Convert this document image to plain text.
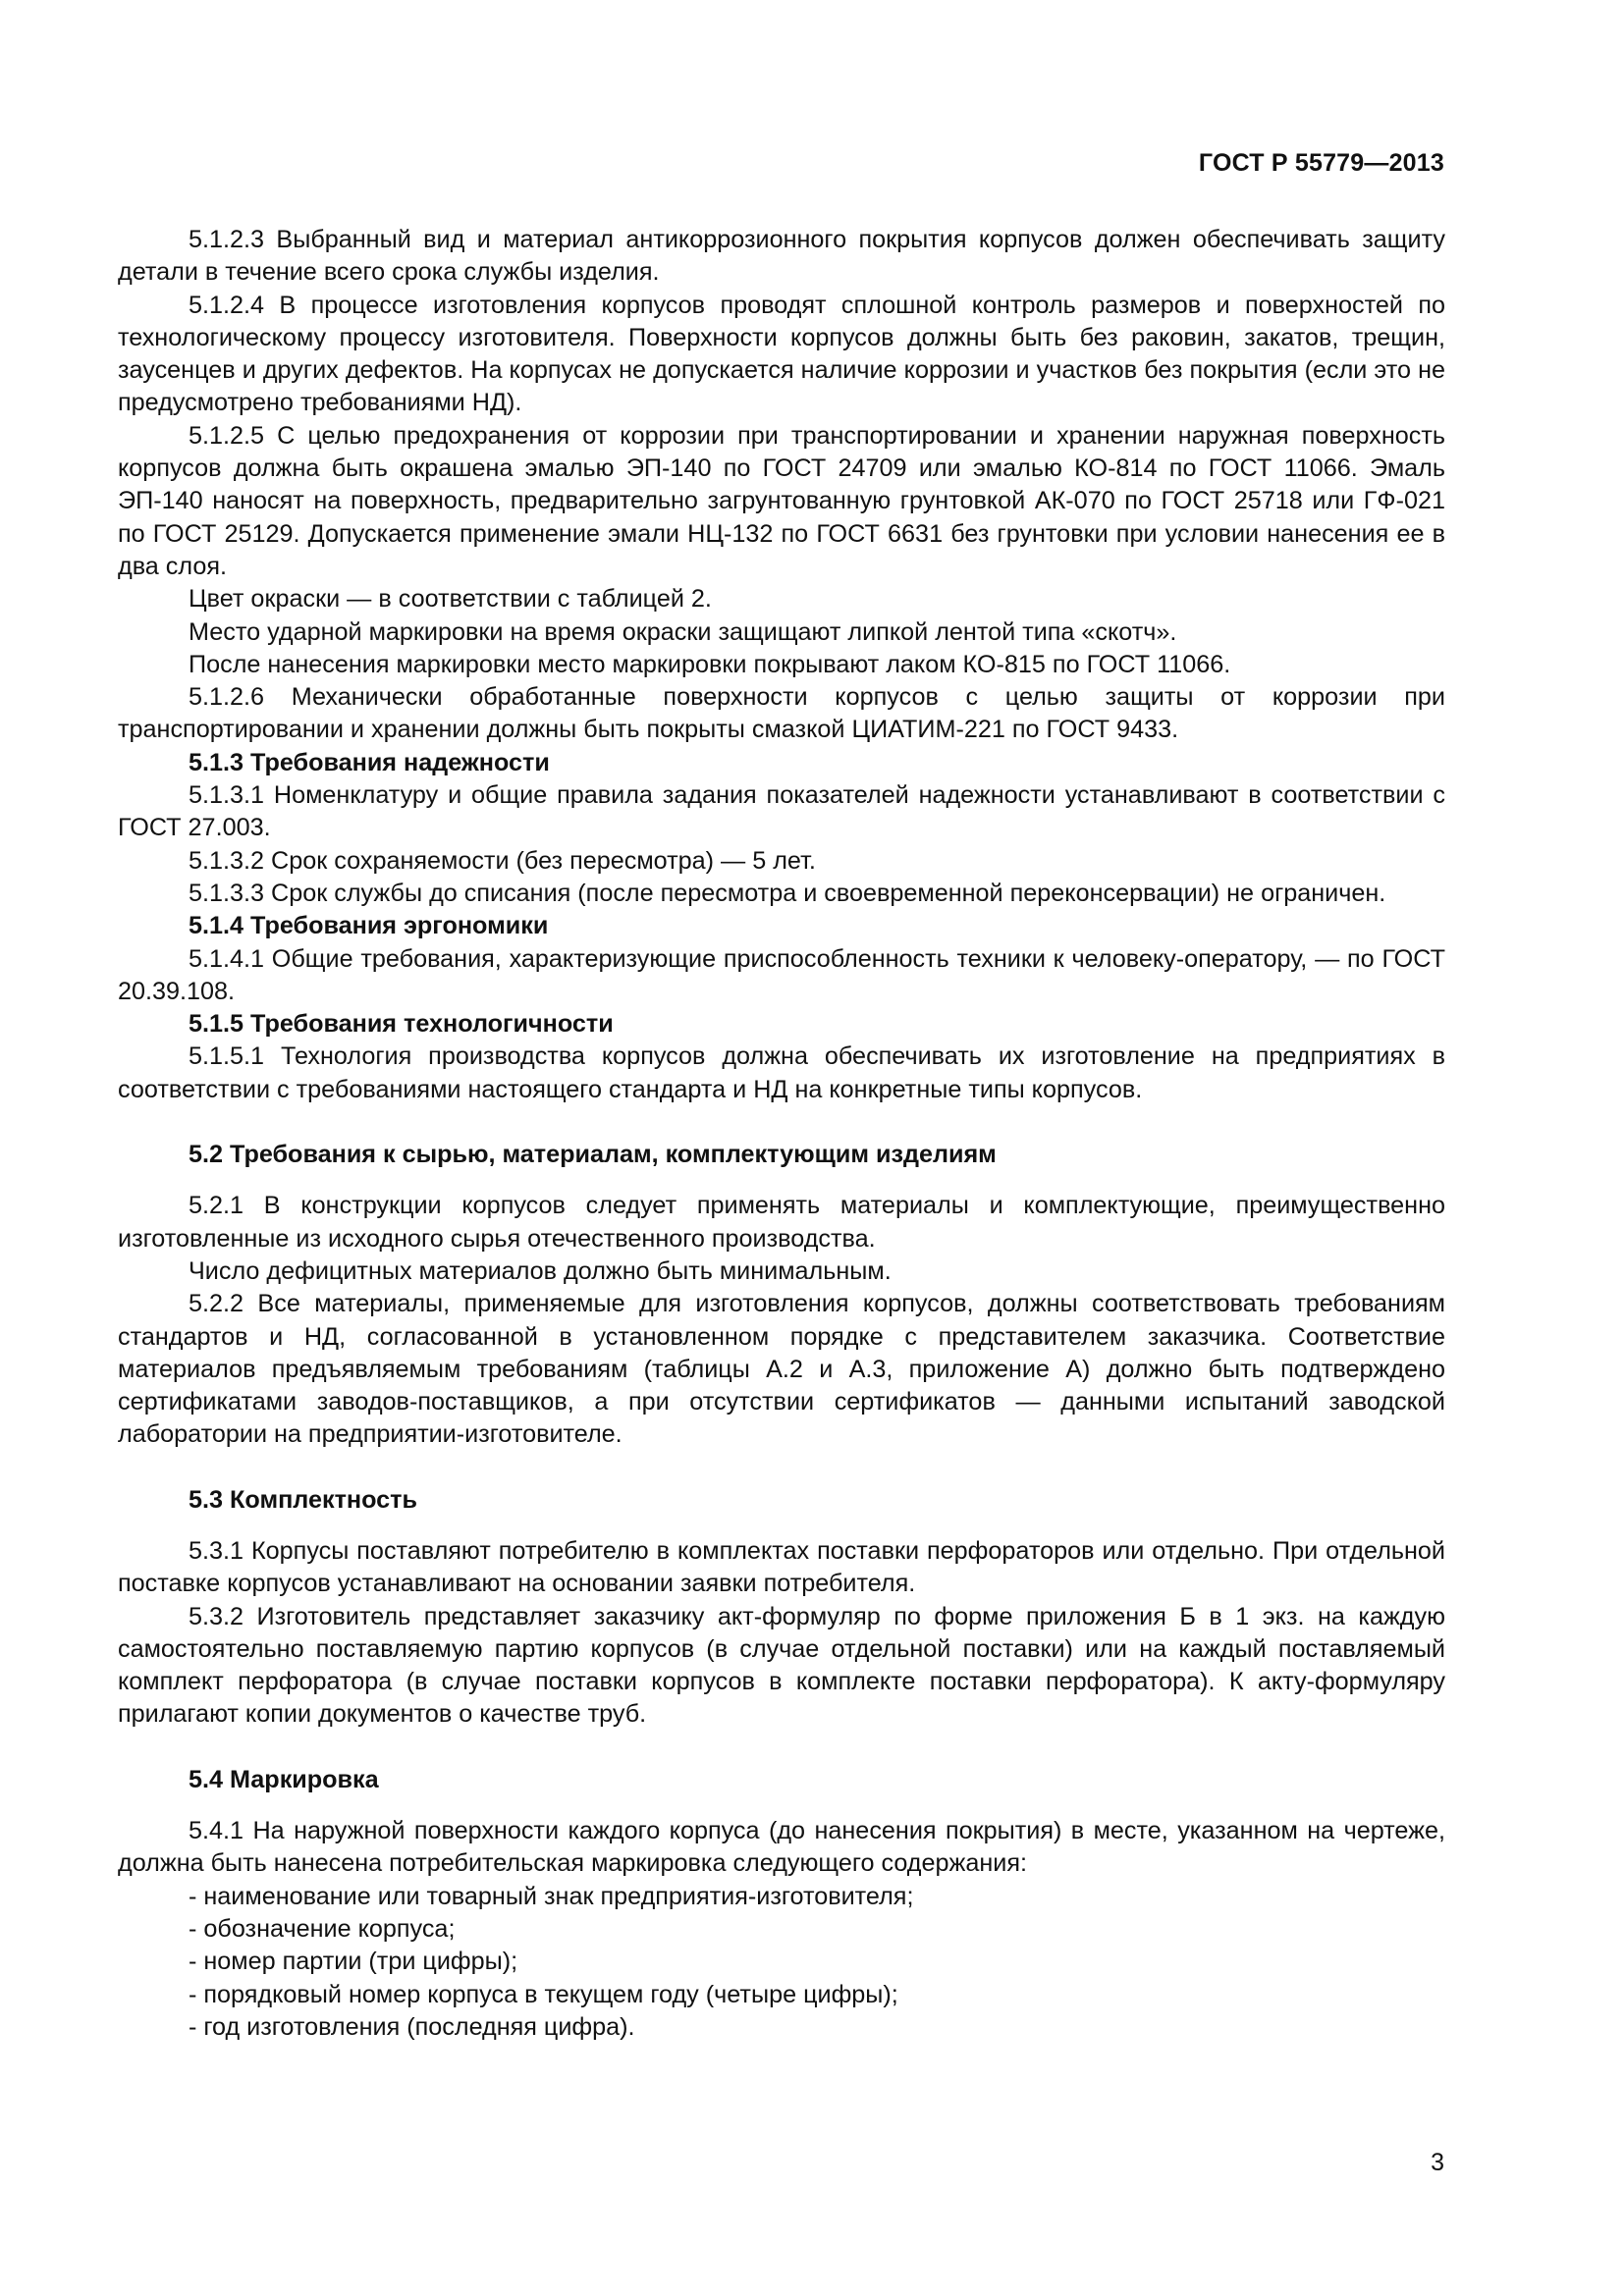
ГОСТ Р 55779—2013

5.1.2.3 Выбранный вид и материал антикоррозионного покрытия корпусов должен обеспечивать защиту детали в течение всего срока службы изделия.

5.1.2.4 В процессе изготовления корпусов проводят сплошной контроль размеров и поверхностей по технологическому процессу изготовителя. Поверхности корпусов должны быть без раковин, закатов, трещин, заусенцев и других дефектов. На корпусах не допускается наличие коррозии и участков без покрытия (если это не предусмотрено требованиями НД).

5.1.2.5 С целью предохранения от коррозии при транспортировании и хранении наружная поверхность корпусов должна быть окрашена эмалью ЭП-140 по ГОСТ 24709 или эмалью КО-814 по ГОСТ 11066. Эмаль ЭП-140 наносят на поверхность, предварительно загрунтованную грунтовкой АК-070 по ГОСТ 25718 или ГФ-021 по ГОСТ 25129. Допускается применение эмали НЦ-132 по ГОСТ 6631 без грунтовки при условии нанесения ее в два слоя.

Цвет окраски — в соответствии с таблицей 2.

Место ударной маркировки на время окраски защищают липкой лентой типа «скотч».

После нанесения маркировки место маркировки покрывают лаком КО-815 по ГОСТ 11066.

5.1.2.6 Механически обработанные поверхности корпусов с целью защиты от коррозии при транспортировании и хранении должны быть покрыты смазкой ЦИАТИМ-221 по ГОСТ 9433.

5.1.3 Требования надежности

5.1.3.1 Номенклатуру и общие правила задания показателей надежности устанавливают в соответствии с ГОСТ 27.003.

5.1.3.2 Срок сохраняемости (без пересмотра) — 5 лет.

5.1.3.3 Срок службы до списания (после пересмотра и своевременной переконсервации) не ограничен.

5.1.4 Требования эргономики

5.1.4.1 Общие требования, характеризующие приспособленность техники к человеку-оператору, — по ГОСТ 20.39.108.

5.1.5 Требования технологичности

5.1.5.1 Технология производства корпусов должна обеспечивать их изготовление на предприятиях в соответствии с требованиями настоящего стандарта и НД на конкретные типы корпусов.

5.2 Требования к сырью, материалам, комплектующим изделиям

5.2.1 В конструкции корпусов следует применять материалы и комплектующие, преимущественно изготовленные из исходного сырья отечественного производства.

Число дефицитных материалов должно быть минимальным.

5.2.2 Все материалы, применяемые для изготовления корпусов, должны соответствовать требованиям стандартов и НД, согласованной в установленном порядке с представителем заказчика. Соответствие материалов предъявляемым требованиям (таблицы А.2 и А.3, приложение А) должно быть подтверждено сертификатами заводов-поставщиков, а при отсутствии сертификатов — данными испытаний заводской лаборатории на предприятии-изготовителе.

5.3 Комплектность

5.3.1 Корпусы поставляют потребителю в комплектах поставки перфораторов или отдельно. При отдельной поставке корпусов устанавливают на основании заявки потребителя.

5.3.2 Изготовитель представляет заказчику акт-формуляр по форме приложения Б в 1 экз. на каждую самостоятельно поставляемую партию корпусов (в случае отдельной поставки) или на каждый поставляемый комплект перфоратора (в случае поставки корпусов в комплекте поставки перфоратора). К акту-формуляру прилагают копии документов о качестве труб.

5.4 Маркировка

5.4.1 На наружной поверхности каждого корпуса (до нанесения покрытия) в месте, указанном на чертеже, должна быть нанесена потребительская маркировка следующего содержания:

- наименование или товарный знак предприятия-изготовителя;
- обозначение корпуса;
- номер партии (три цифры);
- порядковый номер корпуса в текущем году (четыре цифры);
- год изготовления (последняя цифра).
3
